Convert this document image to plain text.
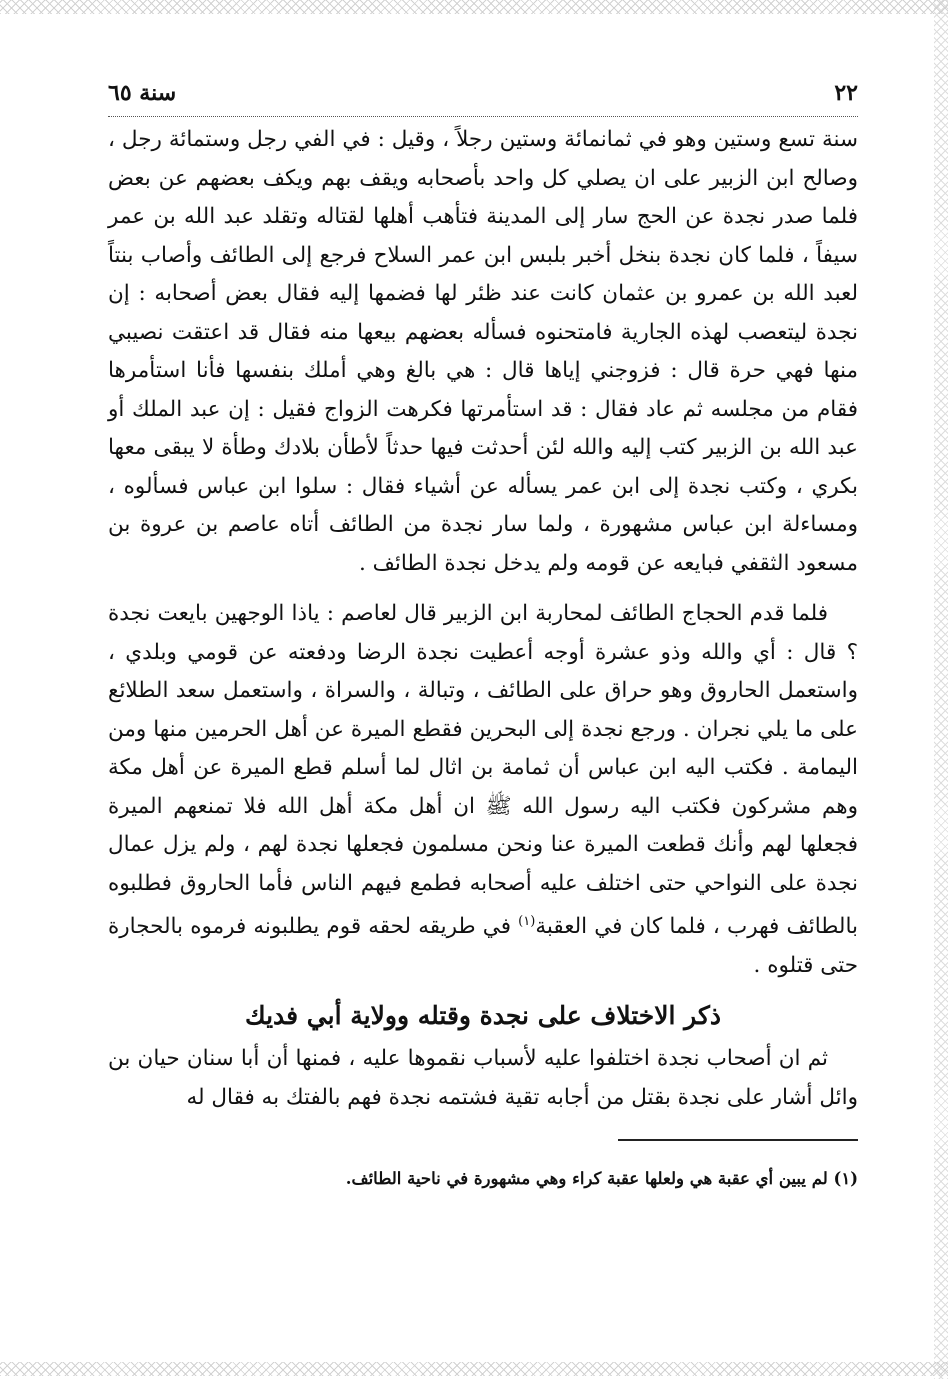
٢٢
سنة ٦٥

سنة تسع وستين وهو في ثمانمائة وستين رجلاً ، وقيل : في الفي رجل وستمائة رجل ، وصالح ابن الزبير على ان يصلي كل واحد بأصحابه ويقف بهم ويكف بعضهم عن بعض فلما صدر نجدة عن الحج سار إلى المدينة فتأهب أهلها لقتاله وتقلد عبد الله بن عمر سيفاً ، فلما كان نجدة بنخل أخبر بلبس ابن عمر السلاح فرجع إلى الطائف وأصاب بنتاً لعبد الله بن عمرو بن عثمان كانت عند ظئر لها فضمها إليه فقال بعض أصحابه : إن نجدة ليتعصب لهذه الجارية فامتحنوه فسأله بعضهم بيعها منه فقال قد اعتقت نصيبي منها فهي حرة قال : فزوجني إياها قال : هي بالغ وهي أملك بنفسها فأنا استأمرها فقام من مجلسه ثم عاد فقال : قد استأمرتها فكرهت الزواج فقيل : إن عبد الملك أو عبد الله بن الزبير كتب إليه والله لئن أحدثت فيها حدثاً لأطأن بلادك وطأة لا يبقى معها بكري ، وكتب نجدة إلى ابن عمر يسأله عن أشياء فقال : سلوا ابن عباس فسألوه ، ومساءلة ابن عباس مشهورة ، ولما سار نجدة من الطائف أتاه عاصم بن عروة بن مسعود الثقفي فبايعه عن قومه ولم يدخل نجدة الطائف .

فلما قدم الحجاج الطائف لمحاربة ابن الزبير قال لعاصم : ياذا الوجهين بايعت نجدة ؟ قال : أي والله وذو عشرة أوجه أعطيت نجدة الرضا ودفعته عن قومي وبلدي ، واستعمل الحاروق وهو حراق على الطائف ، وتبالة ، والسراة ، واستعمل سعد الطلائع على ما يلي نجران . ورجع نجدة إلى البحرين فقطع الميرة عن أهل الحرمين منها ومن اليمامة . فكتب اليه ابن عباس أن ثمامة بن اثال لما أسلم قطع الميرة عن أهل مكة وهم مشركون فكتب اليه رسول الله ﷺ ان أهل مكة أهل الله فلا تمنعهم الميرة فجعلها لهم وأنك قطعت الميرة عنا ونحن مسلمون فجعلها نجدة لهم ، ولم يزل عمال نجدة على النواحي حتى اختلف عليه أصحابه فطمع فيهم الناس فأما الحاروق فطلبوه بالطائف فهرب ، فلما كان في العقبة$^{(١)}$ في طريقه لحقه قوم يطلبونه فرموه بالحجارة حتى قتلوه .

ذكر الاختلاف على نجدة وقتله وولاية أبي فديك

ثم ان أصحاب نجدة اختلفوا عليه لأسباب نقموها عليه ، فمنها أن أبا سنان حيان بن وائل أشار على نجدة بقتل من أجابه تقية فشتمه نجدة فهم بالفتك به فقال له

(١) لم يبين أي عقبة هي ولعلها عقبة كراء وهي مشهورة في ناحية الطائف.
